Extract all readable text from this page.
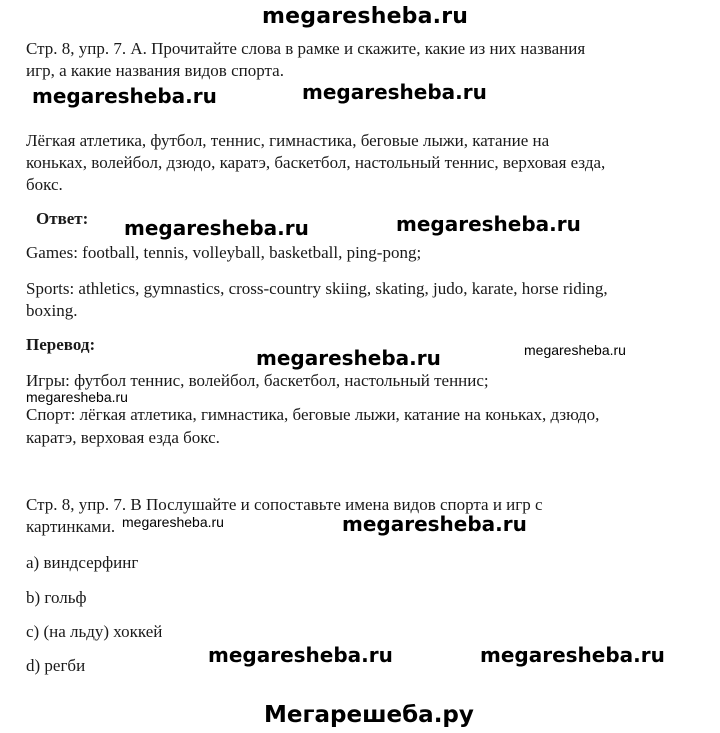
megaresheba.ru
Стр. 8, упр. 7. А. Прочитайте слова в рамке и скажите, какие из них названия
игр, а какие названия видов спорта.
megaresheba.ru	megaresheba.ru
Лёгкая атлетика, футбол, теннис, гимнастика, беговые лыжи, катание на
коньках, волейбол, дзюдо, каратэ, баскетбол, настольный теннис, верховая езда,
бокс.
Ответ: megaresheba.ru	megaresheba.ru
Games: football, tennis, volleyball, basketball, ping-pong;
Sports: athletics, gymnastics, cross-country skiing, skating, judo, karate, horse riding,
boxing.
Перевод:
megaresheba.ru	megaresheba.ru
Игры: футбол теннис, волейбол, баскетбол, настольный теннис;
megaresheba.ru
Спорт: лёгкая атлетика, гимнастика, беговые лыжи, катание на коньках, дзюдо,
каратэ, верховая езда бокс.
Стр. 8, упр. 7. В Послушайте и сопоставьте имена видов спорта и игр с
картинками. megaresheba.ru	megaresheba.ru
a) виндсерфинг
b) гольф
c) (на льду) хоккей
d) регби	megaresheba.ru	megaresheba.ru
Мегарешеба.ру
